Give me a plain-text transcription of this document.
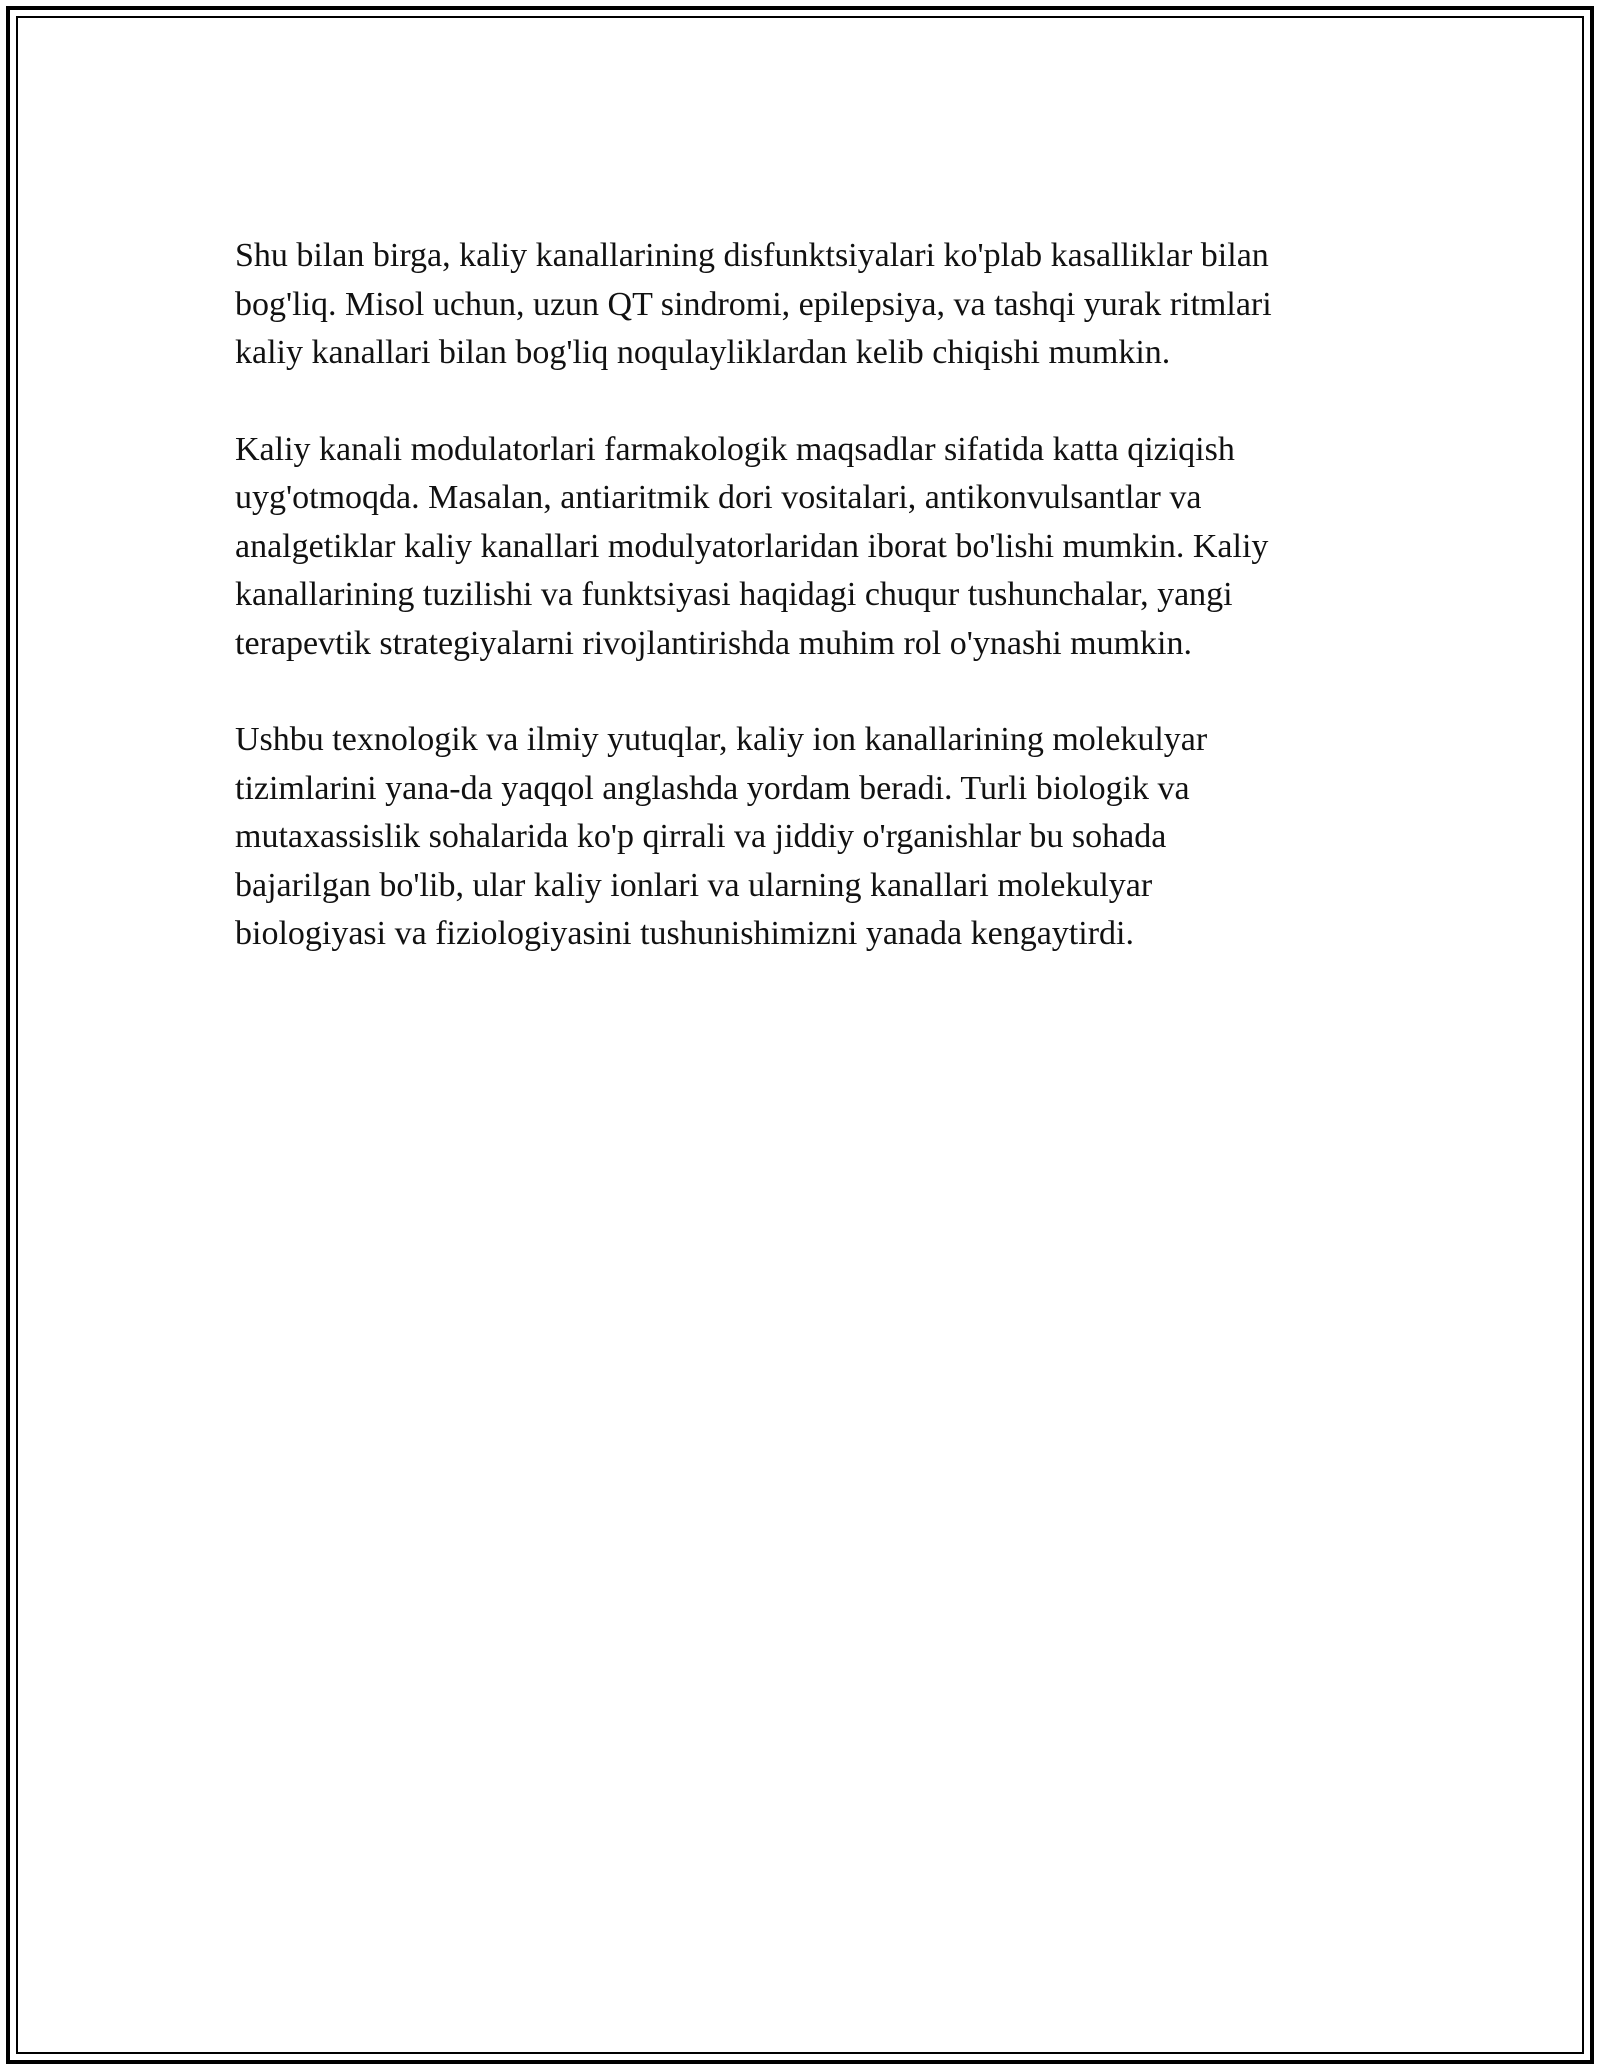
Shu bilan birga, kaliy kanallarining disfunktsiyalari ko'plab kasalliklar bilan
bog'liq. Misol uchun, uzun QT sindromi, epilepsiya, va tashqi yurak ritmlari
kaliy kanallari bilan bog'liq noqulayliklardan kelib chiqishi mumkin.

Kaliy kanali modulatorlari farmakologik maqsadlar sifatida katta qiziqish
uyg'otmoqda. Masalan, antiaritmik dori vositalari, antikonvulsantlar va
analgetiklar kaliy kanallari modulyatorlaridan iborat bo'lishi mumkin. Kaliy
kanallarining tuzilishi va funktsiyasi haqidagi chuqur tushunchalar, yangi
terapevtik strategiyalarni rivojlantirishda muhim rol o'ynashi mumkin.

Ushbu texnologik va ilmiy yutuqlar, kaliy ion kanallarining molekulyar
tizimlarini yana-da yaqqol anglashda yordam beradi. Turli biologik va
mutaxassislik sohalarida ko'p qirrali va jiddiy o'rganishlar bu sohada
bajarilgan bo'lib, ular kaliy ionlari va ularning kanallari molekulyar
biologiyasi va fiziologiyasini tushunishimizni yanada kengaytirdi.
